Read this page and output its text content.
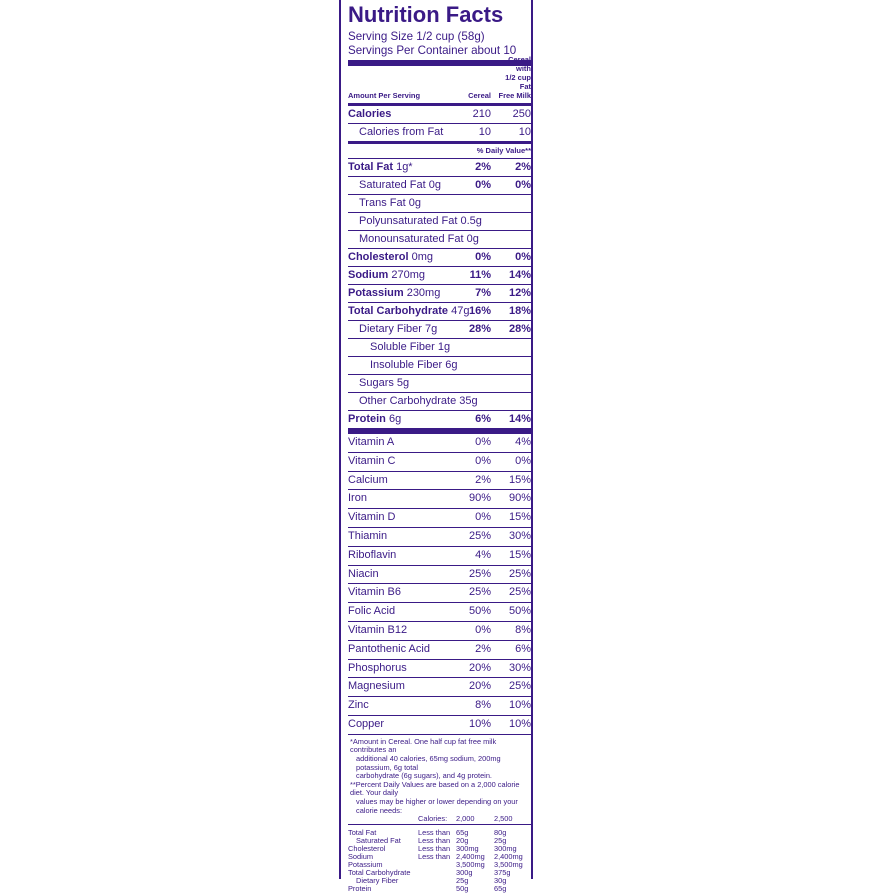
Nutrition Facts
Serving Size 1/2 cup (58g)
Servings Per Container about 10
Amount Per Serving	Cereal
Cereal with
1/2 cup Fat
Free Milk
Calories	210 250
Calories from Fat	10	10
% Daily Value**
Total Fat 1g*	2% 2%
Saturated Fat 0g	0% 0%
Trans Fat 0g
Polyunsaturated Fat 0.5g
Monounsaturated Fat 0g
Cholesterol 0mg	0% 0%
Sodium 270mg	11% 14%
Potassium 230mg	7% 12%
Total Carbohydrate 47g 16% 18%
Dietary Fiber 7g	28% 28%
Soluble Fiber 1g
Insoluble Fiber 6g
Sugars 5g
Other Carbohydrate 35g
Protein 6g	6% 14%
Vitamin A	0% 4%
Vitamin C	0% 0%
Calcium	2% 15%
Iron	90% 90%
Vitamin D	0% 15%
Thiamin	25% 30%
Riboflavin	4% 15%
Niacin	25% 25%
Vitamin B6	25% 25%
Folic Acid	50% 50%
Vitamin B12	0% 8%
Pantothenic Acid	2% 6%
Phosphorus	20% 30%
Magnesium	20% 25%
Zinc	8% 10%
Copper	10% 10%

*Amount in Cereal. One half cup fat free milk contributes an

additional 40 calories, 65mg sodium, 200mg potassium, 6g total

carbohydrate (6g sugars), and 4g protein.

**Percent Daily Values are based on a 2,000 calorie diet. Your daily

values may be higher or lower depending on your calorie needs:

	Calories:	2,000	2,500

Total Fat	Less than	65g	80g
Saturated Fat	Less than	20g	25g
Cholesterol	Less than	300mg	300mg
Sodium	Less than	2,400mg	2,400mg
Potassium		3,500mg	3,500mg
Total Carbohydrate		300g	375g
Dietary Fiber		25g	30g
Protein		50g	65g
